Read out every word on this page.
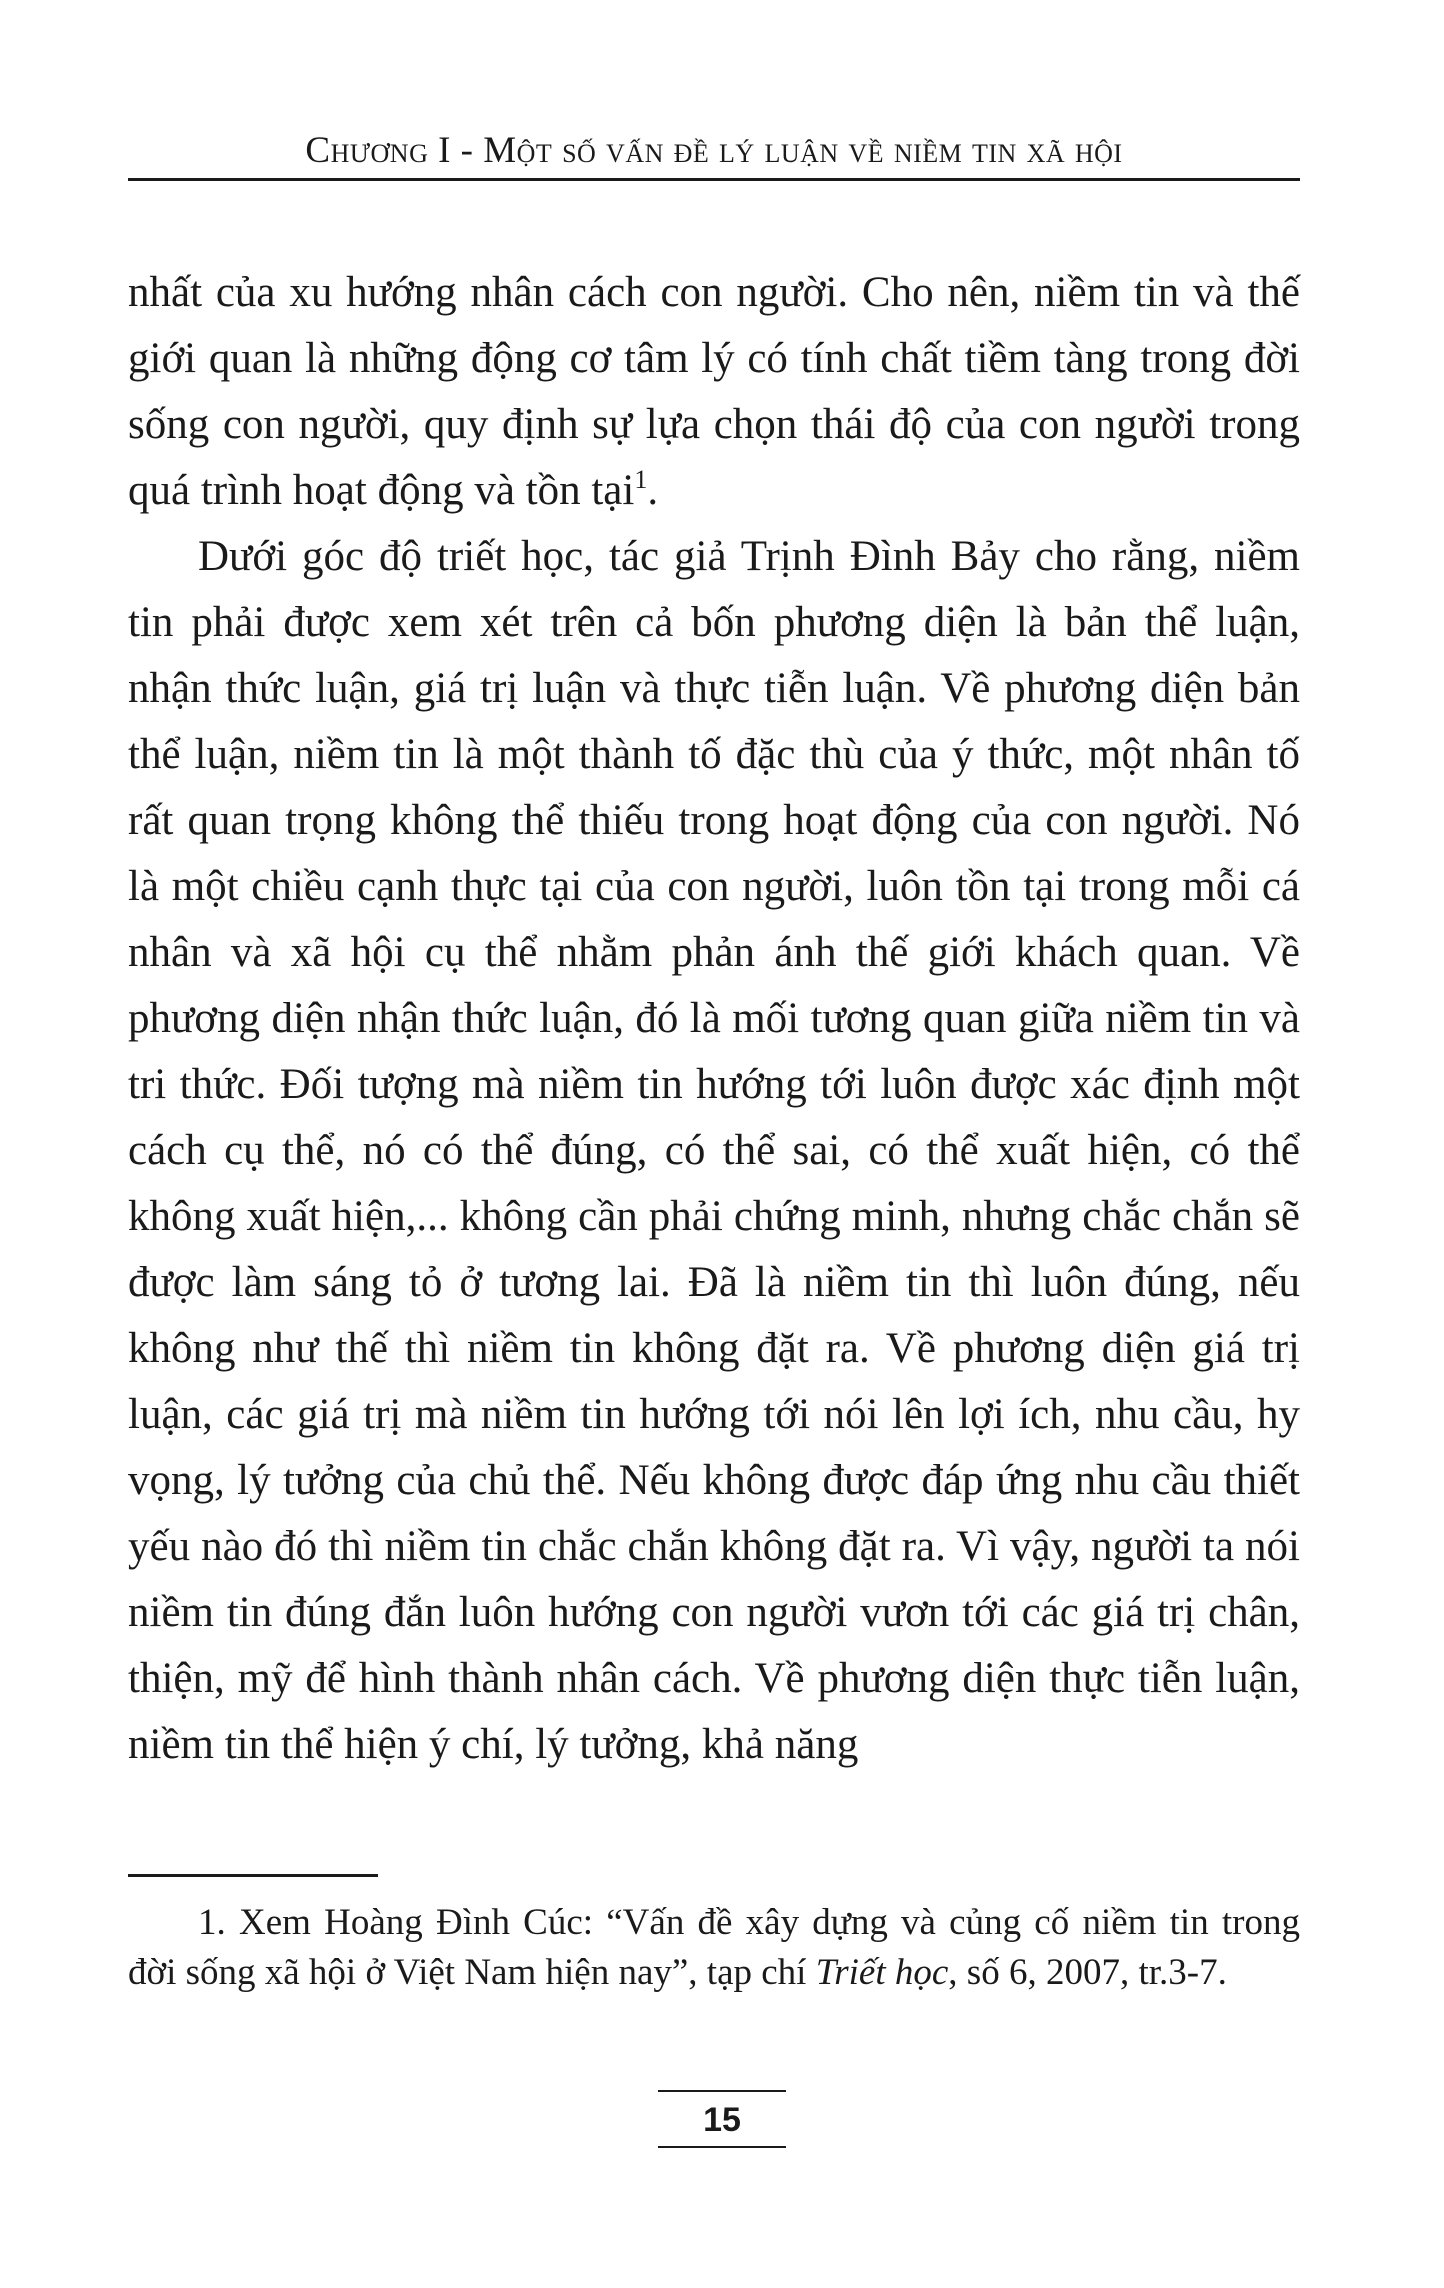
Chương I - Một số vấn đề lý luận về niềm tin xã hội

nhất của xu hướng nhân cách con người. Cho nên, niềm tin và thế giới quan là những động cơ tâm lý có tính chất tiềm tàng trong đời sống con người, quy định sự lựa chọn thái độ của con người trong quá trình hoạt động và tồn tại$^1$.

Dưới góc độ triết học, tác giả Trịnh Đình Bảy cho rằng, niềm tin phải được xem xét trên cả bốn phương diện là bản thể luận, nhận thức luận, giá trị luận và thực tiễn luận. Về phương diện bản thể luận, niềm tin là một thành tố đặc thù của ý thức, một nhân tố rất quan trọng không thể thiếu trong hoạt động của con người. Nó là một chiều cạnh thực tại của con người, luôn tồn tại trong mỗi cá nhân và xã hội cụ thể nhằm phản ánh thế giới khách quan. Về phương diện nhận thức luận, đó là mối tương quan giữa niềm tin và tri thức. Đối tượng mà niềm tin hướng tới luôn được xác định một cách cụ thể, nó có thể đúng, có thể sai, có thể xuất hiện, có thể không xuất hiện,... không cần phải chứng minh, nhưng chắc chắn sẽ được làm sáng tỏ ở tương lai. Đã là niềm tin thì luôn đúng, nếu không như thế thì niềm tin không đặt ra. Về phương diện giá trị luận, các giá trị mà niềm tin hướng tới nói lên lợi ích, nhu cầu, hy vọng, lý tưởng của chủ thể. Nếu không được đáp ứng nhu cầu thiết yếu nào đó thì niềm tin chắc chắn không đặt ra. Vì vậy, người ta nói niềm tin đúng đắn luôn hướng con người vươn tới các giá trị chân, thiện, mỹ để hình thành nhân cách. Về phương diện thực tiễn luận, niềm tin thể hiện ý chí, lý tưởng, khả năng

1. Xem Hoàng Đình Cúc: “Vấn đề xây dựng và củng cố niềm tin trong đời sống xã hội ở Việt Nam hiện nay”, tạp chí Triết học, số 6, 2007, tr.3-7.
15
